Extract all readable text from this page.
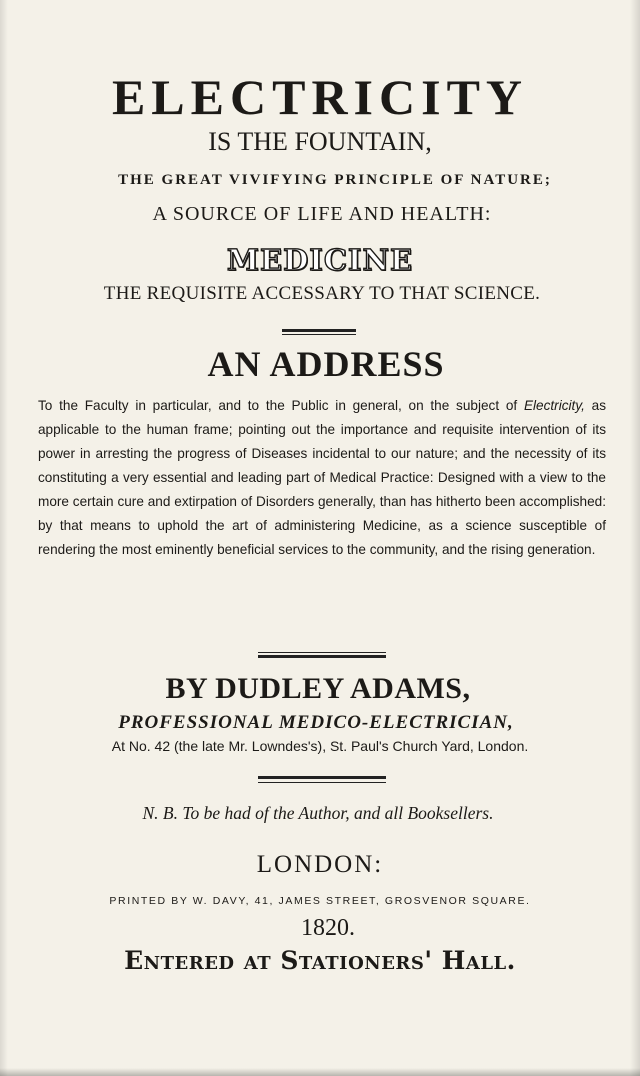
ELECTRICITY
IS THE FOUNTAIN,
THE GREAT VIVIFYING PRINCIPLE OF NATURE;
A SOURCE OF LIFE AND HEALTH:
MEDICINE
THE REQUISITE ACCESSARY TO THAT SCIENCE.
AN ADDRESS
To the Faculty in particular, and to the Public in general, on the subject of Electricity, as applicable to the human frame; pointing out the importance and requisite intervention of its power in arresting the progress of Diseases incidental to our nature; and the necessity of its constituting a very essential and leading part of Medical Practice: Designed with a view to the more certain cure and extirpation of Disorders generally, than has hitherto been accomplished: by that means to uphold the art of administering Medicine, as a science susceptible of rendering the most eminently beneficial services to the community, and the rising generation.
BY DUDLEY ADAMS,
PROFESSIONAL MEDICO-ELECTRICIAN,
At No. 42 (the late Mr. Lowndes's), St. Paul's Church Yard, London.
N. B. To be had of the Author, and all Booksellers.
LONDON:
PRINTED BY W. DAVY, 41, JAMES STREET, GROSVENOR SQUARE.
1820.
Entered at Stationers' Hall.
